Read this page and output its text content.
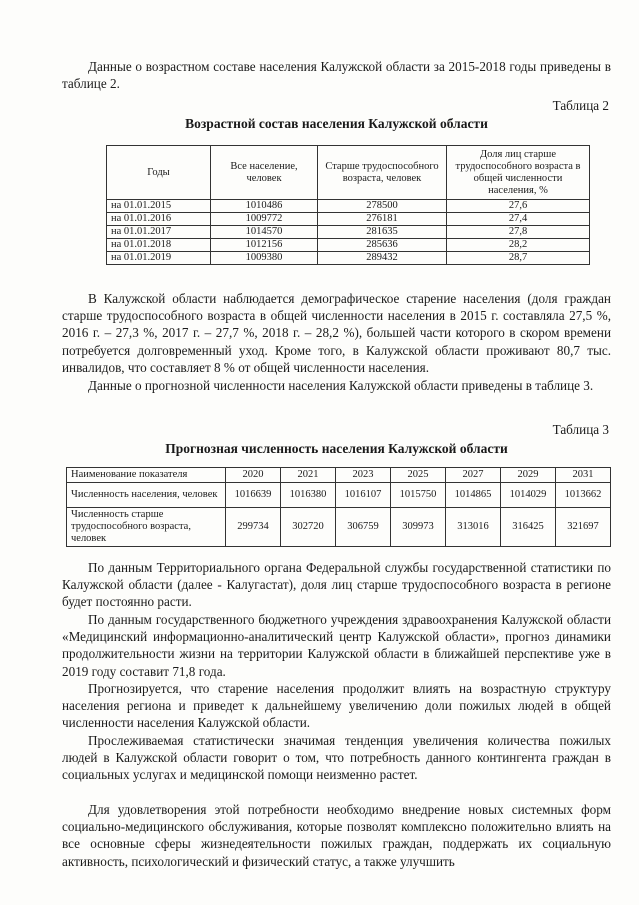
Данные о возрастном составе населения Калужской области за 2015-2018 годы приведены в таблице 2.

Таблица 2
Возрастной состав населения Калужской области
Годы	Все население, человек	Старше трудоспособного возраста, человек	Доля лиц старше трудоспособного возраста в общей численности населения, %
на 01.01.2015	1010486	278500	27,6
на 01.01.2016	1009772	276181	27,4
на 01.01.2017	1014570	281635	27,8
на 01.01.2018	1012156	285636	28,2
на 01.01.2019	1009380	289432	28,7

В Калужской области наблюдается демографическое старение населения (доля граждан старше трудоспособного возраста в общей численности населения в 2015 г. составляла 27,5 %, 2016 г. – 27,3 %, 2017 г. – 27,7 %, 2018 г. – 28,2 %), большей части которого в скором времени потребуется долговременный уход. Кроме того, в Калужской области проживают 80,7 тыс. инвалидов, что составляет 8 % от общей численности населения.

Данные о прогнозной численности населения Калужской области приведены в таблице 3.

Таблица 3
Прогнозная численность населения Калужской области
Наименование показателя	2020	2021	2023	2025	2027	2029	2031
Численность населения, человек	1016639	1016380	1016107	1015750	1014865	1014029	1013662
Численность старше трудоспособного возраста, человек	299734	302720	306759	309973	313016	316425	321697

По данным Территориального органа Федеральной службы государственной статистики по Калужской области (далее - Калугастат), доля лиц старше трудоспособного возраста в регионе будет постоянно расти.

По данным государственного бюджетного учреждения здравоохранения Калужской области «Медицинский информационно-аналитический центр Калужской области», прогноз динамики продолжительности жизни на территории Калужской области в ближайшей перспективе уже в 2019 году составит 71,8 года.

Прогнозируется, что старение населения продолжит влиять на возрастную структуру населения региона и приведет к дальнейшему увеличению доли пожилых людей в общей численности населения Калужской области.

Прослеживаемая статистически значимая тенденция увеличения количества пожилых людей в Калужской области говорит о том, что потребность данного контингента граждан в социальных услугах и медицинской помощи неизменно растет.

Для удовлетворения этой потребности необходимо внедрение новых системных форм социально-медицинского обслуживания, которые позволят комплексно положительно влиять на все основные сферы жизнедеятельности пожилых граждан, поддержать их социальную активность, психологический и физический статус, а также улучшить
